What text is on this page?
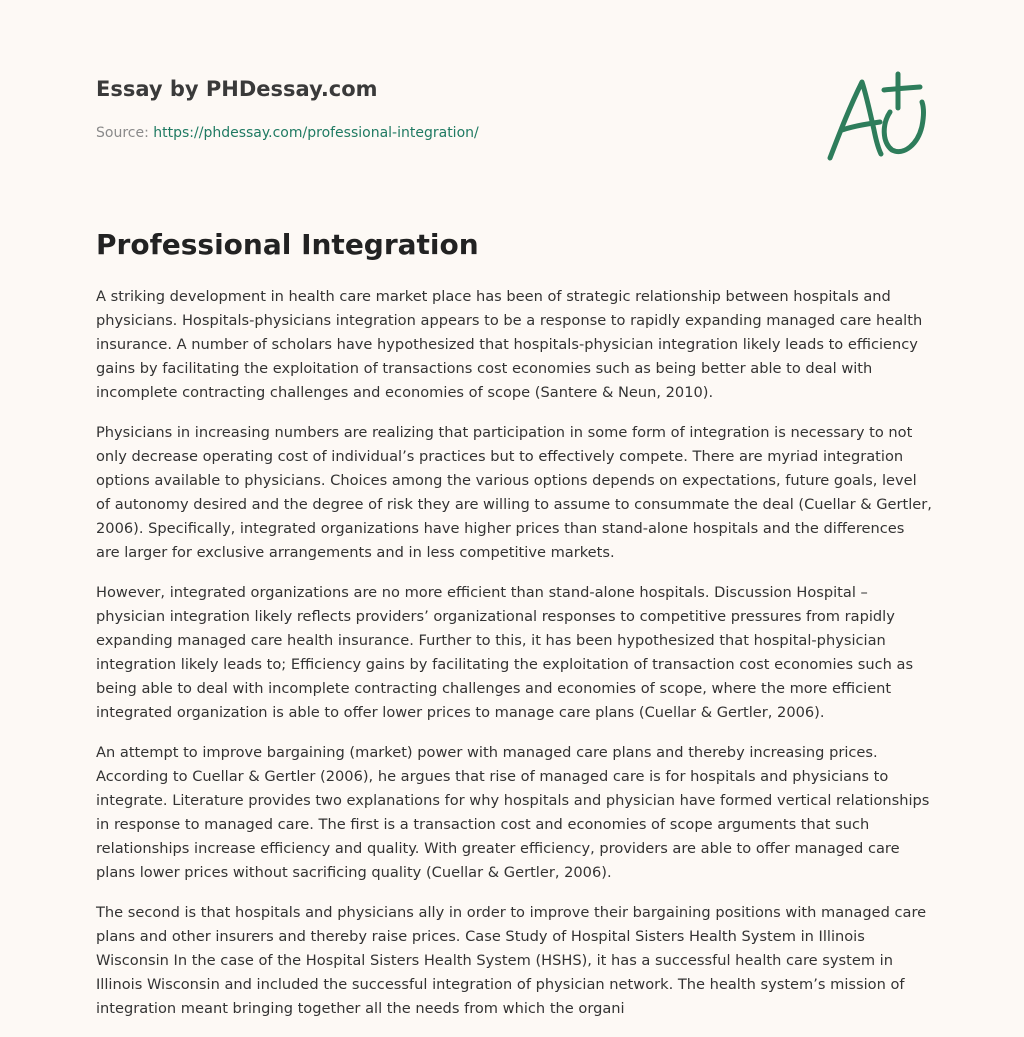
Essay by PHDessay.com
Source: https://phdessay.com/professional-integration/
Professional Integration

A striking development in health care market place has been of strategic relationship between hospitals and physicians. Hospitals-physicians integration appears to be a response to rapidly expanding managed care health insurance. A number of scholars have hypothesized that hospitals-physician integration likely leads to efficiency gains by facilitating the exploitation of transactions cost economies such as being better able to deal with incomplete contracting challenges and economies of scope (Santere & Neun, 2010).

Physicians in increasing numbers are realizing that participation in some form of integration is necessary to not only decrease operating cost of individual’s practices but to effectively compete. There are myriad integration options available to physicians. Choices among the various options depends on expectations, future goals, level of autonomy desired and the degree of risk they are willing to assume to consummate the deal (Cuellar & Gertler, 2006). Specifically, integrated organizations have higher prices than stand-alone hospitals and the differences are larger for exclusive arrangements and in less competitive markets.

However, integrated organizations are no more efficient than stand-alone hospitals. Discussion Hospital – physician integration likely reflects providers’ organizational responses to competitive pressures from rapidly expanding managed care health insurance. Further to this, it has been hypothesized that hospital-physician integration likely leads to; Efficiency gains by facilitating the exploitation of transaction cost economies such as being able to deal with incomplete contracting challenges and economies of scope, where the more efficient integrated organization is able to offer lower prices to manage care plans (Cuellar & Gertler, 2006).

An attempt to improve bargaining (market) power with managed care plans and thereby increasing prices. According to Cuellar & Gertler (2006), he argues that rise of managed care is for hospitals and physicians to integrate. Literature provides two explanations for why hospitals and physician have formed vertical relationships in response to managed care. The first is a transaction cost and economies of scope arguments that such relationships increase efficiency and quality. With greater efficiency, providers are able to offer managed care plans lower prices without sacrificing quality (Cuellar & Gertler, 2006).

The second is that hospitals and physicians ally in order to improve their bargaining positions with managed care plans and other insurers and thereby raise prices. Case Study of Hospital Sisters Health System in Illinois Wisconsin In the case of the Hospital Sisters Health System (HSHS), it has a successful health care system in Illinois Wisconsin and included the successful integration of physician network. The health system’s mission of integration meant bringing together all the needs from which the organi
